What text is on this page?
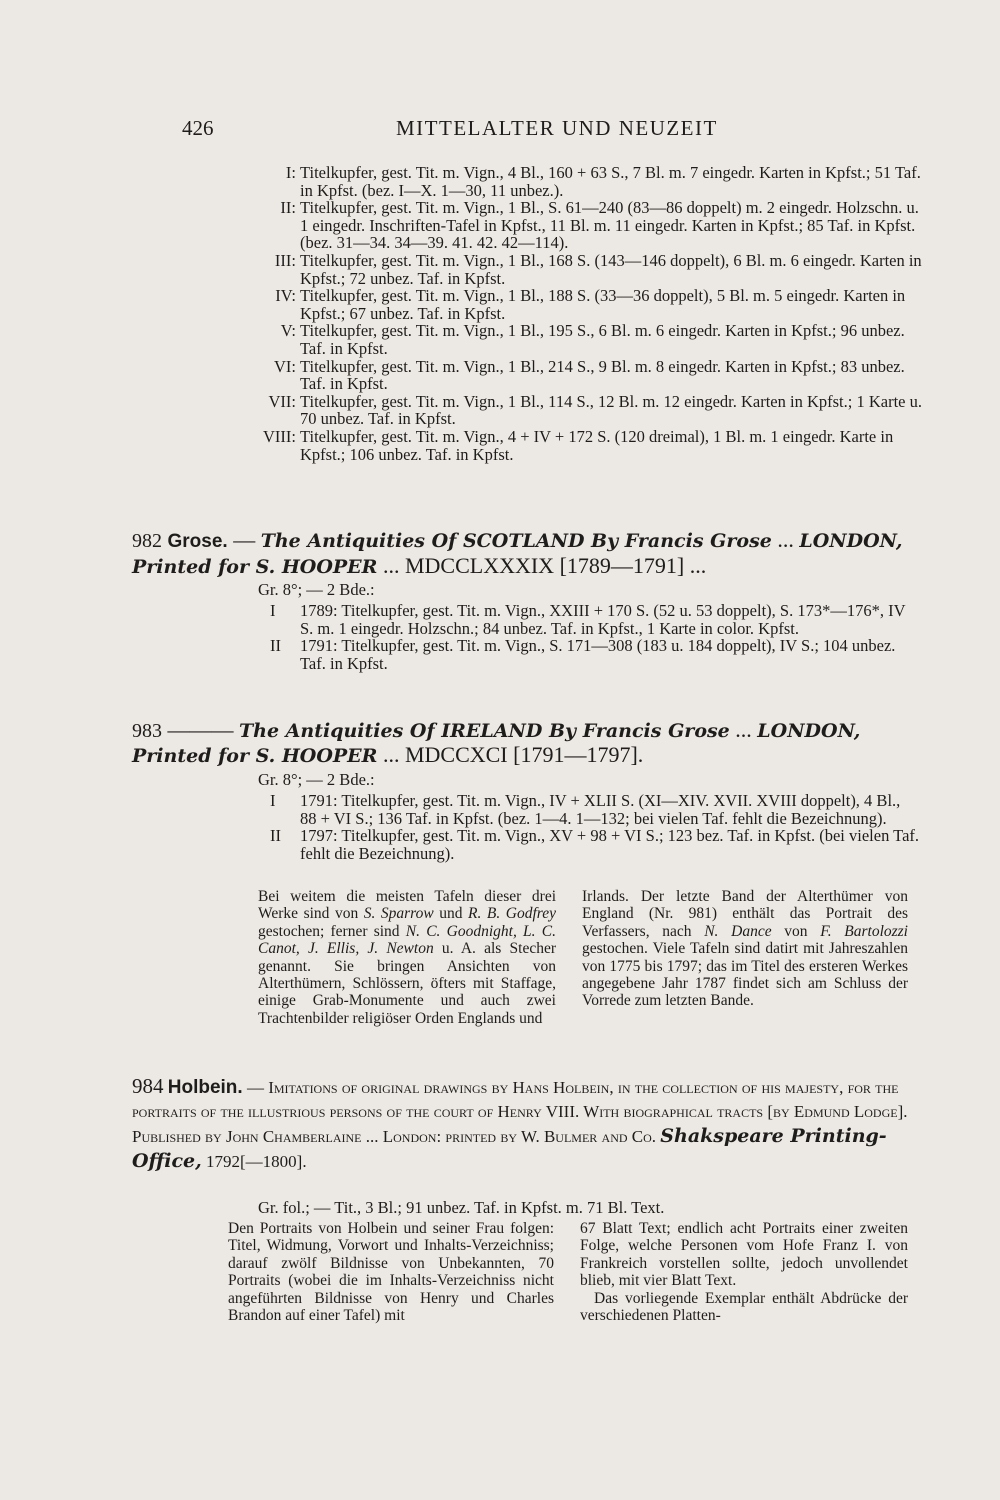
426	MITTELALTER UND NEUZEIT
I: Titelkupfer, gest. Tit. m. Vign., 4 Bl., 160 + 63 S., 7 Bl. m. 7 eingedr. Karten in Kpfst.; 51 Taf. in Kpfst. (bez. I—X. 1—30, 11 unbez.).
II: Titelkupfer, gest. Tit. m. Vign., 1 Bl., S. 61—240 (83—86 doppelt) m. 2 eingedr. Holzschn. u. 1 eingedr. Inschriften-Tafel in Kpfst., 11 Bl. m. 11 eingedr. Karten in Kpfst.; 85 Taf. in Kpfst. (bez. 31—34. 34—39. 41. 42. 42—114).
III: Titelkupfer, gest. Tit. m. Vign., 1 Bl., 168 S. (143—146 doppelt), 6 Bl. m. 6 eingedr. Karten in Kpfst.; 72 unbez. Taf. in Kpfst.
IV: Titelkupfer, gest. Tit. m. Vign., 1 Bl., 188 S. (33—36 doppelt), 5 Bl. m. 5 eingedr. Karten in Kpfst.; 67 unbez. Taf. in Kpfst.
V: Titelkupfer, gest. Tit. m. Vign., 1 Bl., 195 S., 6 Bl. m. 6 eingedr. Karten in Kpfst.; 96 unbez. Taf. in Kpfst.
VI: Titelkupfer, gest. Tit. m. Vign., 1 Bl., 214 S., 9 Bl. m. 8 eingedr. Karten in Kpfst.; 83 unbez. Taf. in Kpfst.
VII: Titelkupfer, gest. Tit. m. Vign., 1 Bl., 114 S., 12 Bl. m. 12 eingedr. Karten in Kpfst.; 1 Karte u. 70 unbez. Taf. in Kpfst.
VIII: Titelkupfer, gest. Tit. m. Vign., 4 + IV + 172 S. (120 dreimal), 1 Bl. m. 1 eingedr. Karte in Kpfst.; 106 unbez. Taf. in Kpfst.
982 Grose. — The Antiquities Of SCOTLAND By Francis Grose ... LONDON,
Printed for S. HOOPER ... MDCCLXXXIX [1789—1791] ...
Gr. 8°; — 2 Bde.:
I 1789: Titelkupfer, gest. Tit. m. Vign., XXIII + 170 S. (52 u. 53 doppelt), S. 173*—176*, IV S. m. 1 eingedr. Holzschn.; 84 unbez. Taf. in Kpfst., 1 Karte in color. Kpfst.
II 1791: Titelkupfer, gest. Tit. m. Vign., S. 171—308 (183 u. 184 doppelt), IV S.; 104 unbez. Taf. in Kpfst.
983 ——— The Antiquities Of IRELAND By Francis Grose ... LONDON,
Printed for S. HOOPER ... MDCCXCI [1791—1797].
Gr. 8°; — 2 Bde.:
I 1791: Titelkupfer, gest. Tit. m. Vign., IV + XLII S. (XI—XIV. XVII. XVIII doppelt), 4 Bl., 88 + VI S.; 136 Taf. in Kpfst. (bez. 1—4. 1—132; bei vielen Taf. fehlt die Bezeichnung).
II 1797: Titelkupfer, gest. Tit. m. Vign., XV + 98 + VI S.; 123 bez. Taf. in Kpfst. (bei vielen Taf. fehlt die Bezeichnung).

Bei weitem die meisten Tafeln dieser drei Werke sind von S. Sparrow und R. B. Godfrey gestochen; ferner sind N. C. Goodnight, L. C. Canot, J. Ellis, J. Newton u. A. als Stecher genannt. Sie bringen Ansichten von Alterthümern, Schlössern, öfters mit Staffage, einige Grab-Monumente und auch zwei Trachtenbilder religiöser Orden Englands und

Irlands. Der letzte Band der Alterthümer von England (Nr. 981) enthält das Portrait des Verfassers, nach N. Dance von F. Bartolozzi gestochen. Viele Tafeln sind datirt mit Jahreszahlen von 1775 bis 1797; das im Titel des ersteren Werkes angegebene Jahr 1787 findet sich am Schluss der Vorrede zum letzten Bande.

984 Holbein. — Imitations of original drawings by Hans Holbein, in the collection of his majesty, for the portraits of the illustrious persons of the court of Henry VIII. With biographical tracts [by Edmund Lodge]. Published by John Chamberlaine ... London: printed by W. Bulmer and Co. Shakspeare Printing-Office, 1792[—1800].
Gr. fol.; — Tit., 3 Bl.; 91 unbez. Taf. in Kpfst. m. 71 Bl. Text.

Den Portraits von Holbein und seiner Frau folgen: Titel, Widmung, Vorwort und Inhalts-Verzeichniss; darauf zwölf Bildnisse von Unbekannten, 70 Portraits (wobei die im Inhalts-Verzeichniss nicht angeführten Bildnisse von Henry und Charles Brandon auf einer Tafel) mit

67 Blatt Text; endlich acht Portraits einer zweiten Folge, welche Personen vom Hofe Franz I. von Frankreich vorstellen sollte, jedoch unvollendet blieb, mit vier Blatt Text.

Das vorliegende Exemplar enthält Abdrücke der verschiedenen Platten-
